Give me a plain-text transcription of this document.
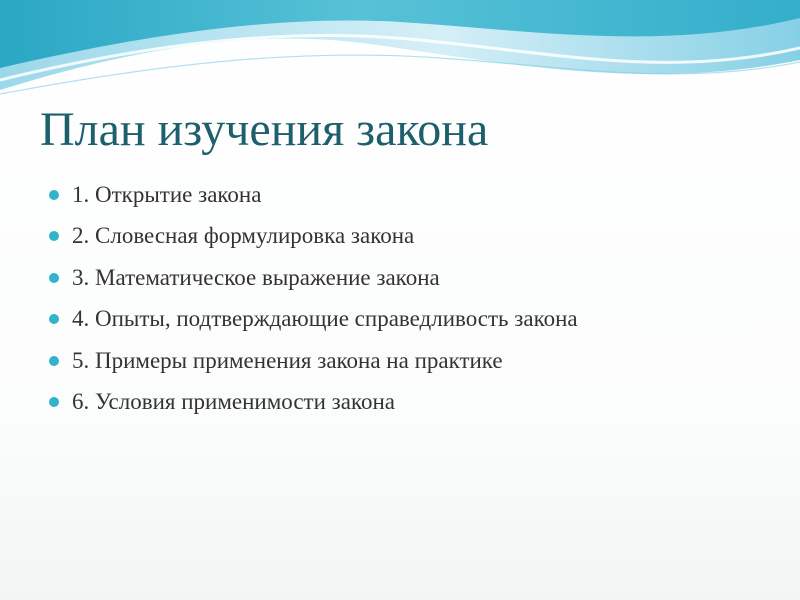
План изучения закона
1. Открытие закона
2. Словесная формулировка закона
3. Математическое выражение закона
4. Опыты, подтверждающие справедливость закона
5. Примеры применения закона на практике
6. Условия применимости закона
